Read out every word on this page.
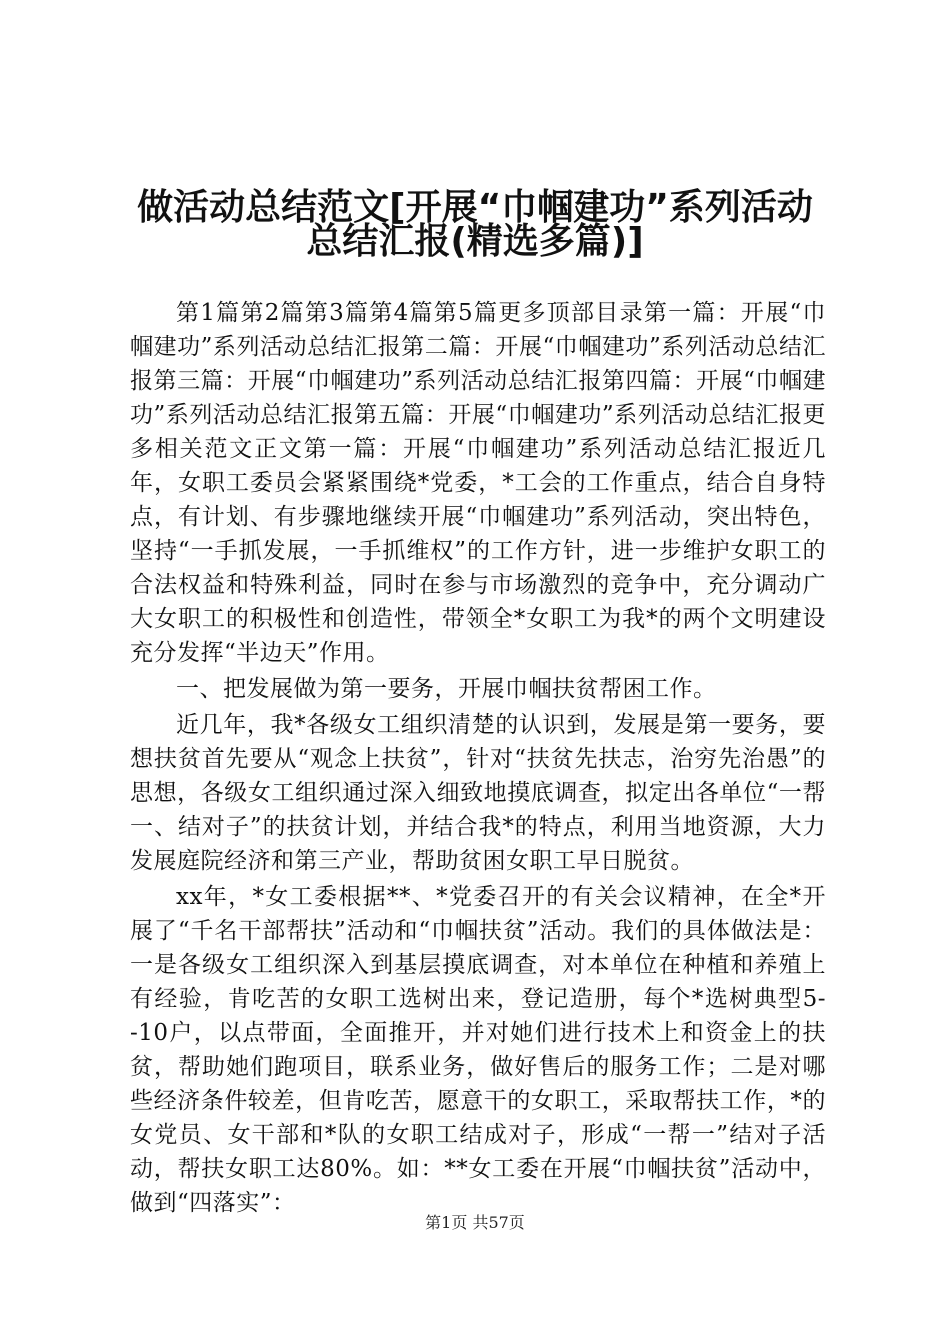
做活动总结范文[开展“巾帼建功”系列活动
总结汇报(精选多篇)]

第1篇第2篇第3篇第4篇第5篇更多顶部目录第一篇：开展“巾帼建功”系列活动总结汇报第二篇：开展“巾帼建功”系列活动总结汇报第三篇：开展“巾帼建功”系列活动总结汇报第四篇：开展“巾帼建功”系列活动总结汇报第五篇：开展“巾帼建功”系列活动总结汇报更多相关范文正文第一篇：开展“巾帼建功”系列活动总结汇报近几年，女职工委员会紧紧围绕*党委，*工会的工作重点，结合自身特点，有计划、有步骤地继续开展“巾帼建功”系列活动，突出特色，坚持“一手抓发展，一手抓维权”的工作方针，进一步维护女职工的合法权益和特殊利益，同时在参与市场激烈的竞争中，充分调动广大女职工的积极性和创造性，带领全*女职工为我*的两个文明建设充分发挥“半边天”作用。

一、把发展做为第一要务，开展巾帼扶贫帮困工作。

近几年，我*各级女工组织清楚的认识到，发展是第一要务，要想扶贫首先要从“观念上扶贫”，针对“扶贫先扶志，治穷先治愚”的思想，各级女工组织通过深入细致地摸底调查，拟定出各单位“一帮一、结对子”的扶贫计划，并结合我*的特点，利用当地资源，大力发展庭院经济和第三产业，帮助贫困女职工早日脱贫。

xx年，*女工委根据**、*党委召开的有关会议精神，在全*开展了“千名干部帮扶”活动和“巾帼扶贫”活动。我们的具体做法是：一是各级女工组织深入到基层摸底调查，对本单位在种植和养殖上有经验，肯吃苦的女职工选树出来，登记造册，每个*选树典型5--10户，以点带面，全面推开，并对她们进行技术上和资金上的扶贫，帮助她们跑项目，联系业务，做好售后的服务工作；二是对哪些经济条件较差，但肯吃苦，愿意干的女职工，采取帮扶工作，*的女党员、女干部和*队的女职工结成对子，形成“一帮一”结对子活动，帮扶女职工达80%。如：**女工委在开展“巾帼扶贫”活动中，做到“四落实”：

第1页 共57页
